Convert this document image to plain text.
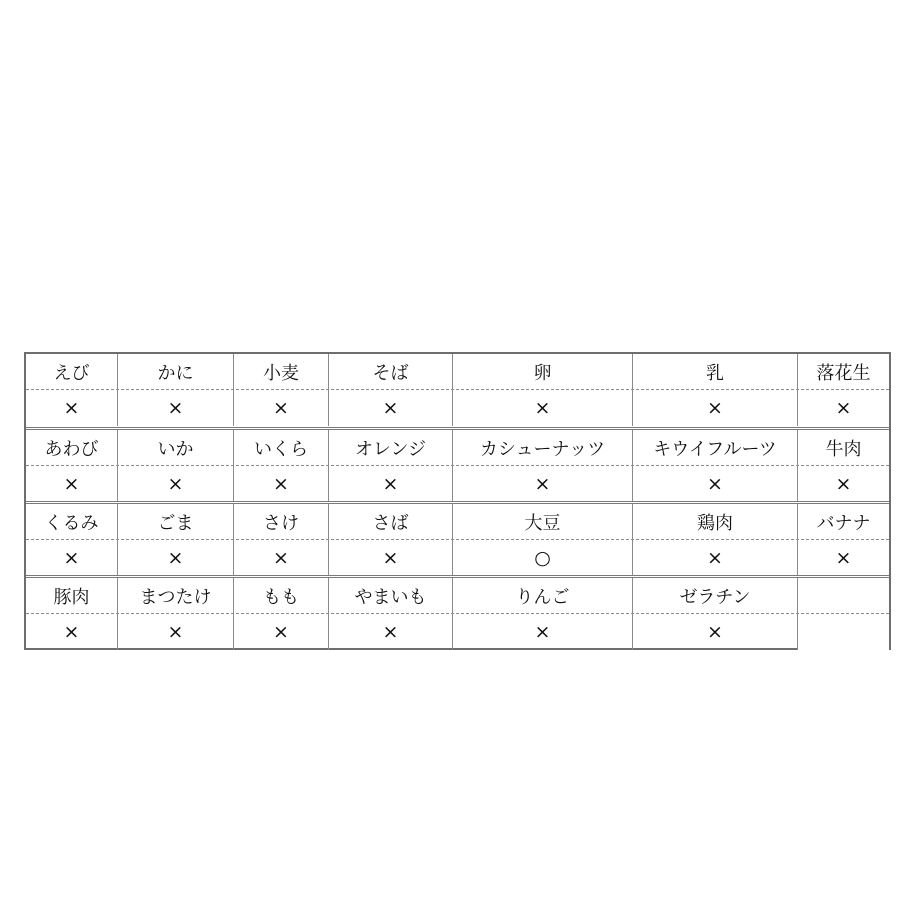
えび	かに	小麦	そば	卵	乳	落花生
×	×	×	×	×	×	×
あわび	いか	いくら	オレンジ	カシューナッツ	キウイフルーツ	牛肉
×	×	×	×	×	×	×
くるみ	ごま	さけ	さば	大豆	鶏肉	バナナ
×	×	×	×	○	×	×
豚肉	まつたけ	もも	やまいも	りんご	ゼラチン
×	×	×	×	×	×
